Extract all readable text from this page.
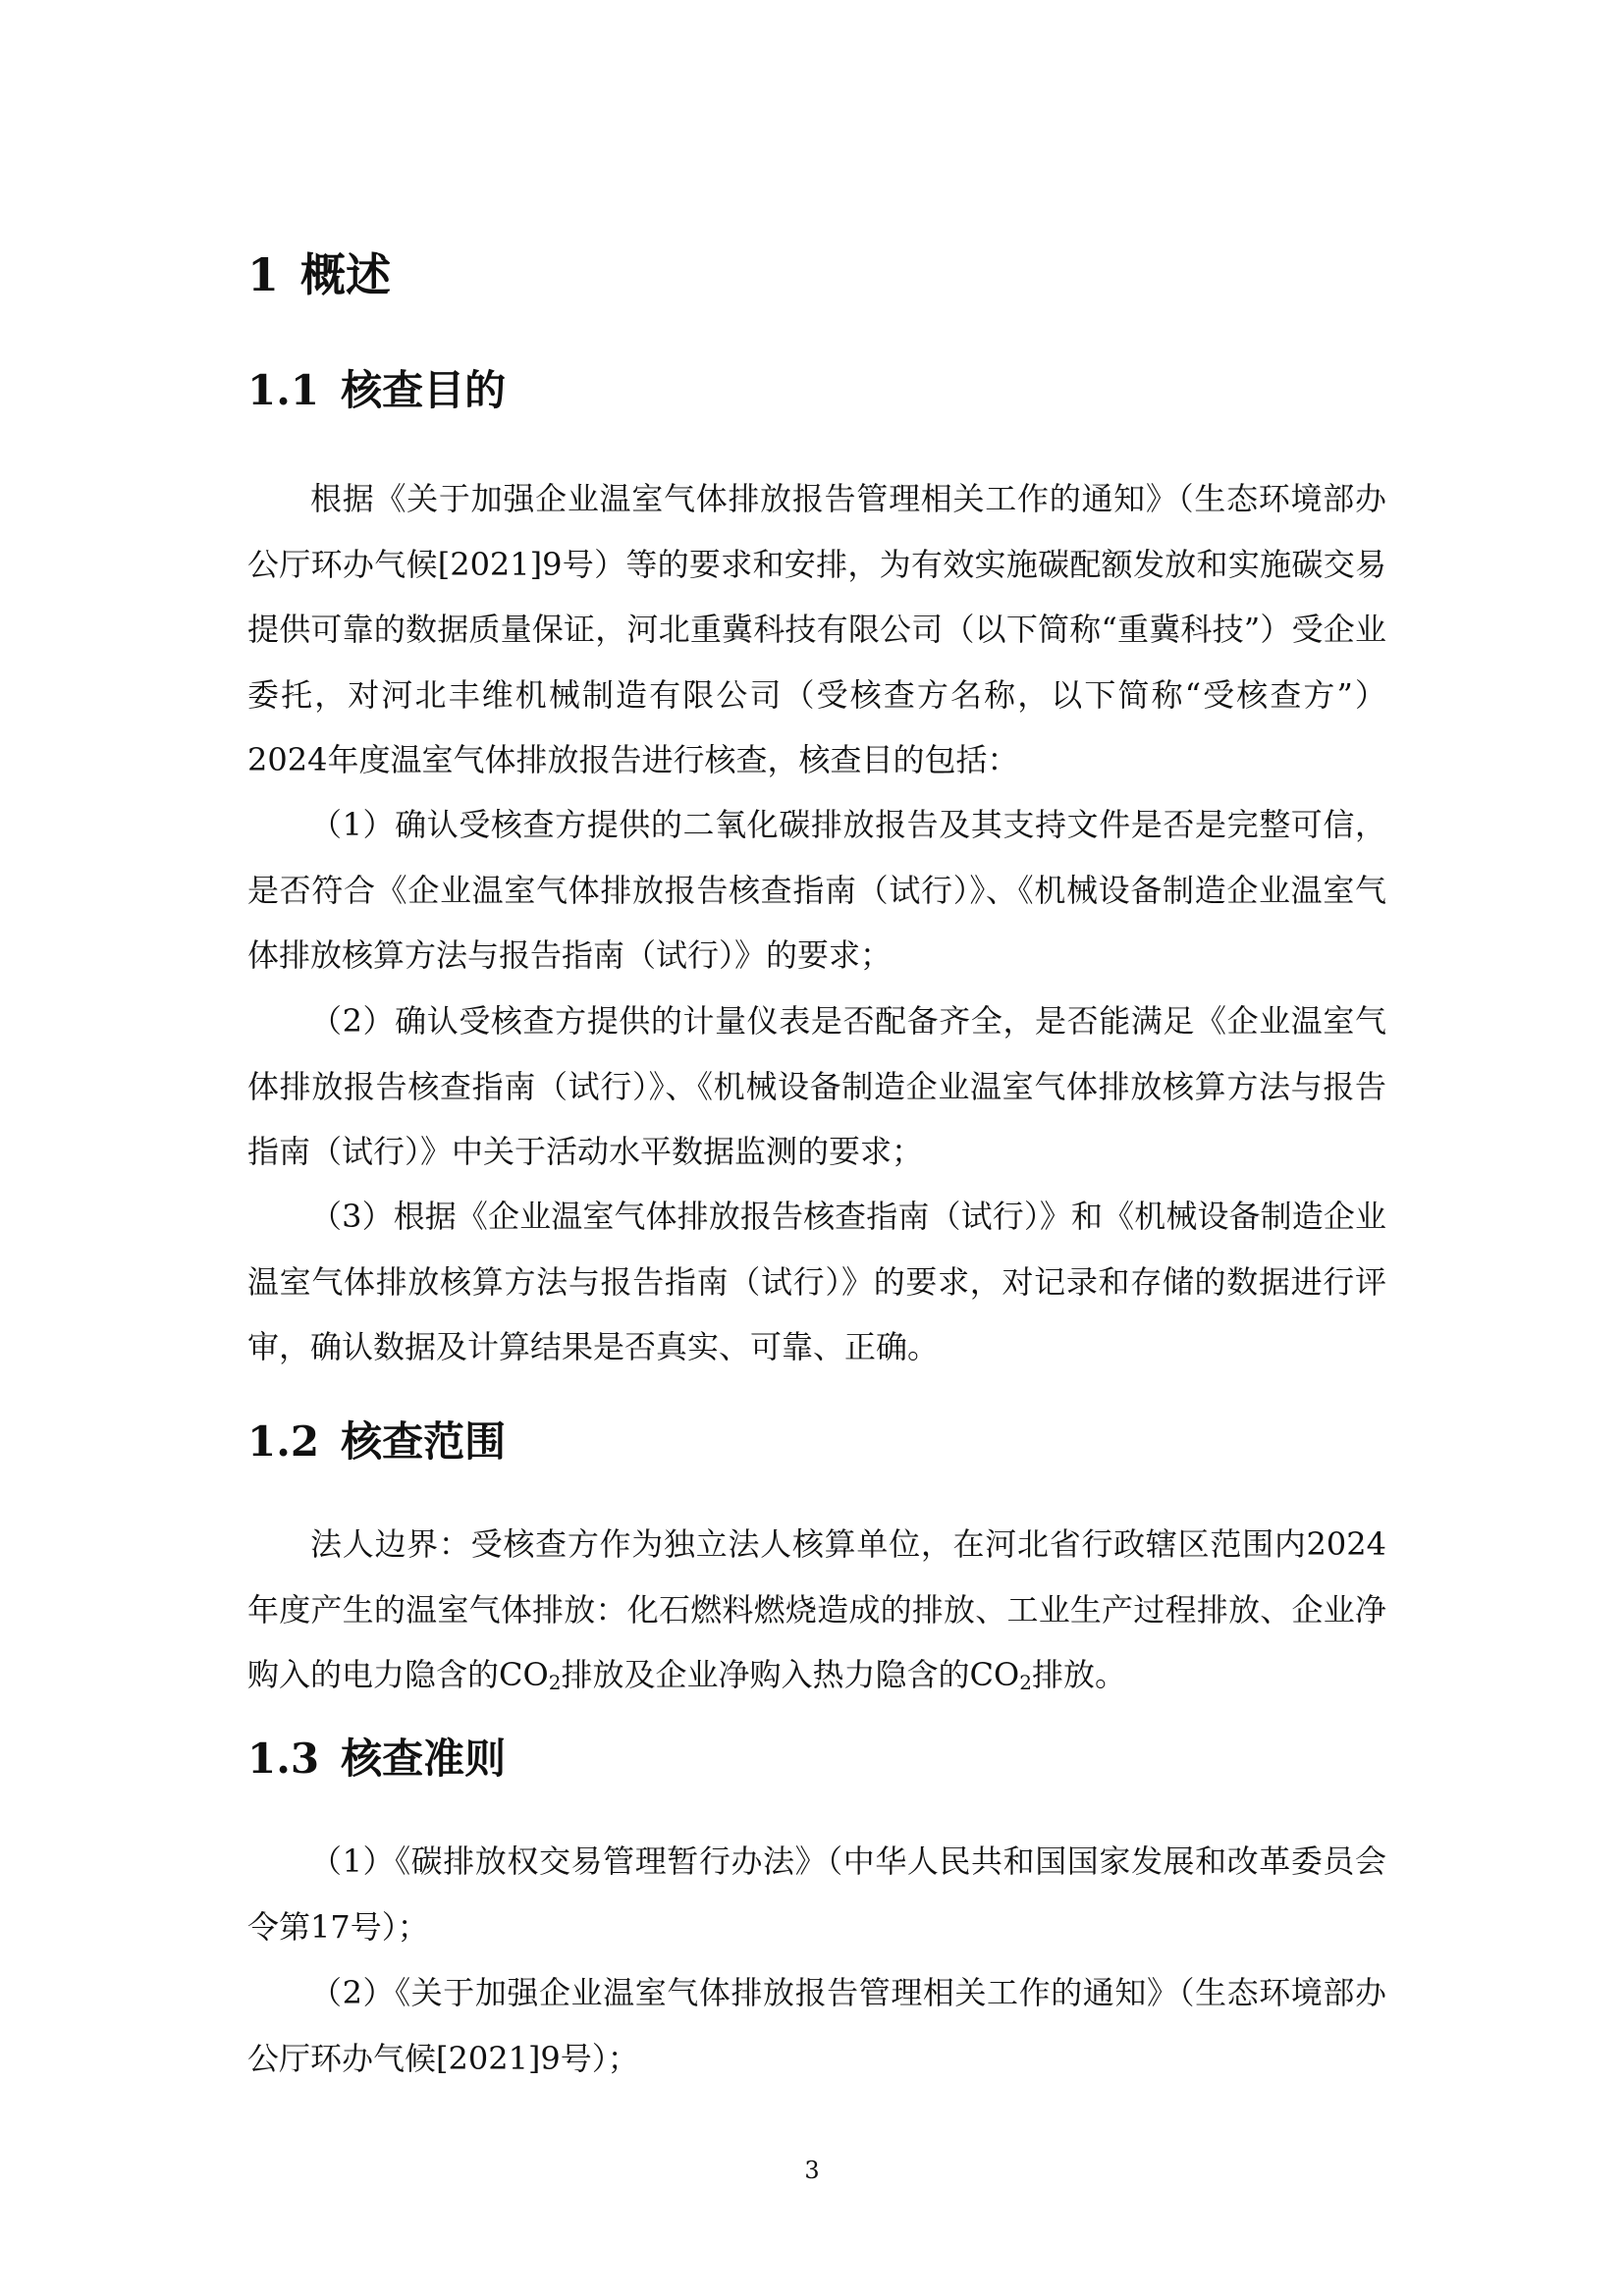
1 概述
1.1 核查目的

根据《关于加强企业温室气体排放报告管理相关工作的通知》（生态环境部办公厅环办气候[2021]9号）等的要求和安排，为有效实施碳配额发放和实施碳交易提供可靠的数据质量保证，河北重冀科技有限公司（以下简称“重冀科技”）受企业委托，对河北丰维机械制造有限公司（受核查方名称，以下简称“受核查方”）2024年度温室气体排放报告进行核查，核查目的包括：

（1）确认受核查方提供的二氧化碳排放报告及其支持文件是否是完整可信，是否符合《企业温室气体排放报告核查指南（试行）》、《机械设备制造企业温室气体排放核算方法与报告指南（试行）》的要求；

（2）确认受核查方提供的计量仪表是否配备齐全，是否能满足《企业温室气体排放报告核查指南（试行）》、《机械设备制造企业温室气体排放核算方法与报告指南（试行）》中关于活动水平数据监测的要求；

（3）根据《企业温室气体排放报告核查指南（试行）》和《机械设备制造企业温室气体排放核算方法与报告指南（试行）》的要求，对记录和存储的数据进行评审，确认数据及计算结果是否真实、可靠、正确。

1.2 核查范围

法人边界：受核查方作为独立法人核算单位，在河北省行政辖区范围内2024年度产生的温室气体排放：化石燃料燃烧造成的排放、工业生产过程排放、企业净购入的电力隐含的$CO_2$排放及企业净购入热力隐含的$CO_2$排放。

1.3 核查准则

（1）《碳排放权交易管理暂行办法》（中华人民共和国国家发展和改革委员会令第17号）；

（2）《关于加强企业温室气体排放报告管理相关工作的通知》（生态环境部办公厅环办气候[2021]9号）；

3
